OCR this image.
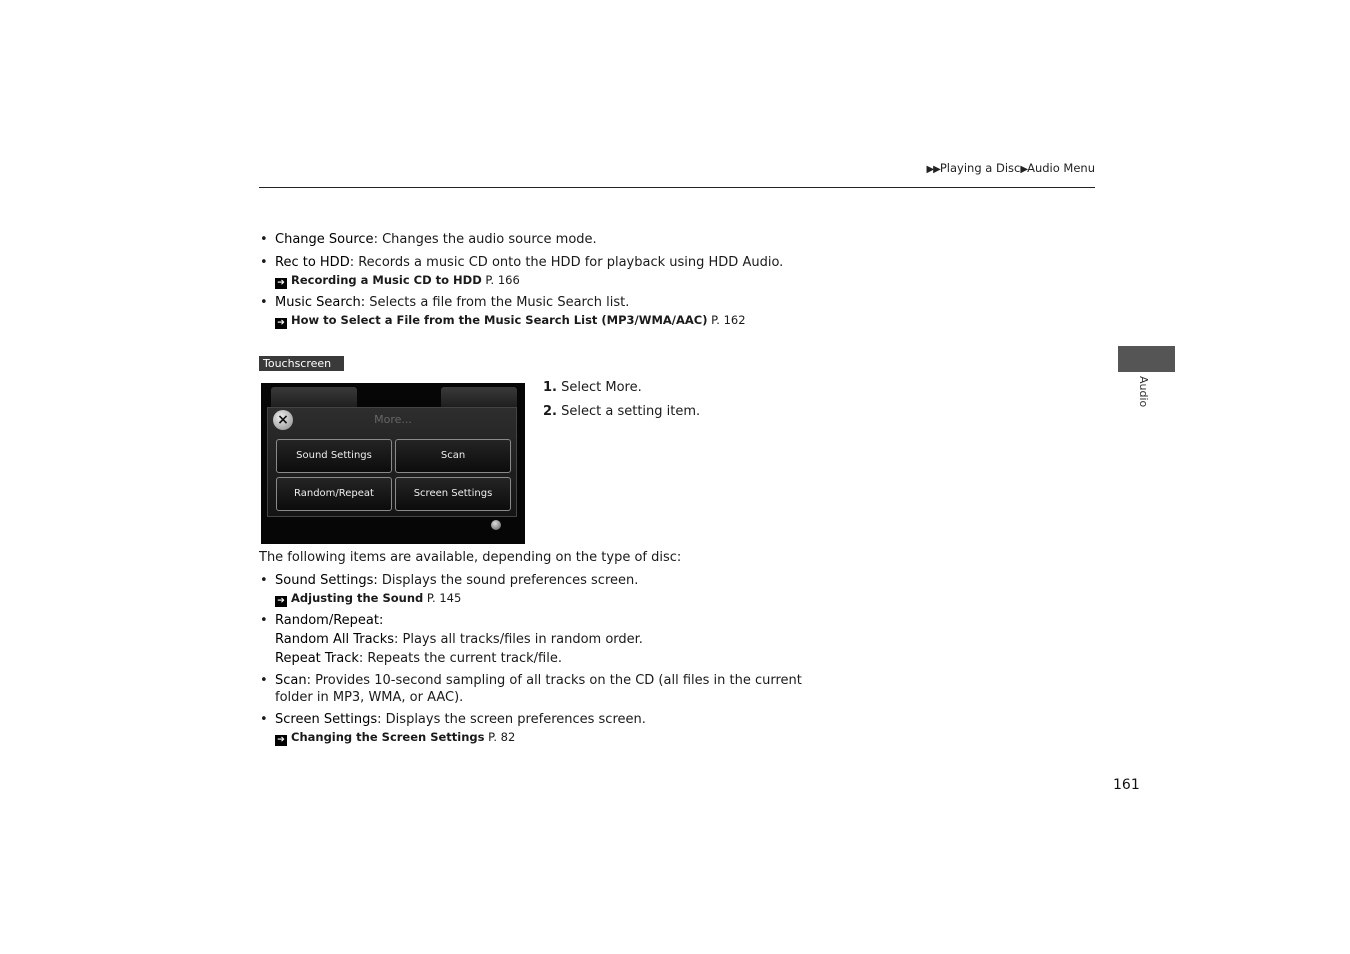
▶▶Playing a Disc▶Audio Menu
• Change Source: Changes the audio source mode.
• Rec to HDD: Records a music CD onto the HDD for playback using HDD Audio.
➔ Recording a Music CD to HDD P. 166
• Music Search: Selects a file from the Music Search list.
➔ How to Select a File from the Music Search List (MP3/WMA/AAC) P. 162
Touchscreen
×	More...
Sound Settings	Scan
Random/Repeat	Screen Settings
1. Select More.
2. Select a setting item.
The following items are available, depending on the type of disc:
• Sound Settings: Displays the sound preferences screen.
➔ Adjusting the Sound P. 145
• Random/Repeat:
Random All Tracks: Plays all tracks/files in random order.
Repeat Track: Repeats the current track/file.
• Scan: Provides 10-second sampling of all tracks on the CD (all files in the current
folder in MP3, WMA, or AAC).
• Screen Settings: Displays the screen preferences screen.
➔ Changing the Screen Settings P. 82
Audio
161
